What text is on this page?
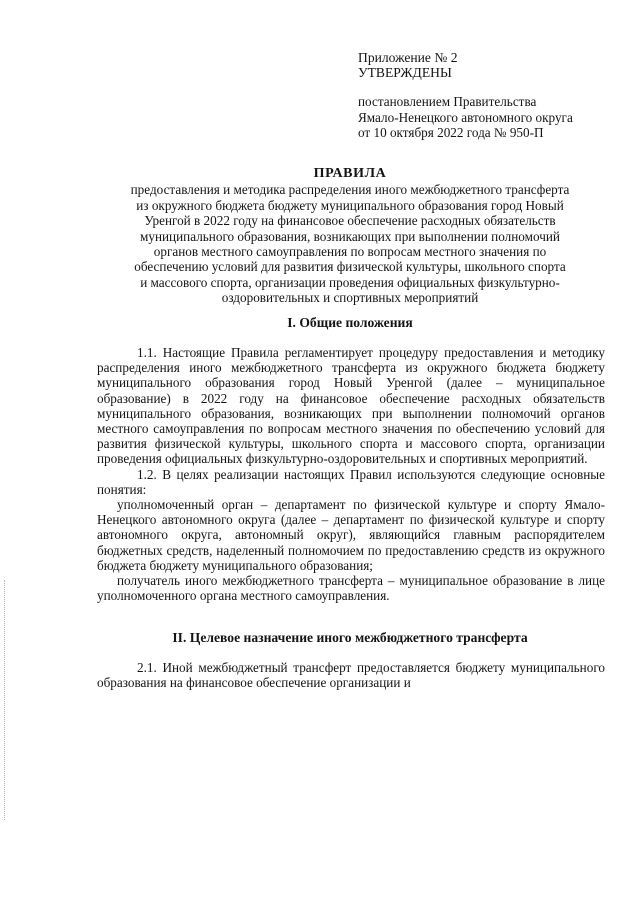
Приложение № 2
УТВЕРЖДЕНЫ
постановлением Правительства
Ямало-Ненецкого автономного округа
от 10 октября 2022 года № 950-П
ПРАВИЛА
предоставления и методика распределения иного межбюджетного трансферта
из окружного бюджета бюджету муниципального образования город Новый
Уренгой в 2022 году на финансовое обеспечение расходных обязательств
муниципального образования, возникающих при выполнении полномочий
органов местного самоуправления по вопросам местного значения по
обеспечению условий для развития физической культуры, школьного спорта
и массового спорта, организации проведения официальных физкультурно-
оздоровительных и спортивных мероприятий
I. Общие положения

1.1. Настоящие Правила регламентирует процедуру предоставления и методику распределения иного межбюджетного трансферта из окружного бюджета бюджету муниципального образования город Новый Уренгой (далее – муниципальное образование) в 2022 году на финансовое обеспечение расходных обязательств муниципального образования, возникающих при выполнении полномочий органов местного самоуправления по вопросам местного значения по обеспечению условий для развития физической культуры, школьного спорта и массового спорта, организации проведения официальных физкультурно-оздоровительных и спортивных мероприятий.

1.2. В целях реализации настоящих Правил используются следующие основные понятия:

уполномоченный орган – департамент по физической культуре и спорту Ямало-Ненецкого автономного округа (далее – департамент по физической культуре и спорту автономного округа, автономный округ), являющийся главным распорядителем бюджетных средств, наделенный полномочием по предоставлению средств из окружного бюджета бюджету муниципального образования;

получатель иного межбюджетного трансферта – муниципальное образование в лице уполномоченного органа местного самоуправления.

II. Целевое назначение иного межбюджетного трансферта

2.1. Иной межбюджетный трансферт предоставляется бюджету муниципального образования на финансовое обеспечение организации и
